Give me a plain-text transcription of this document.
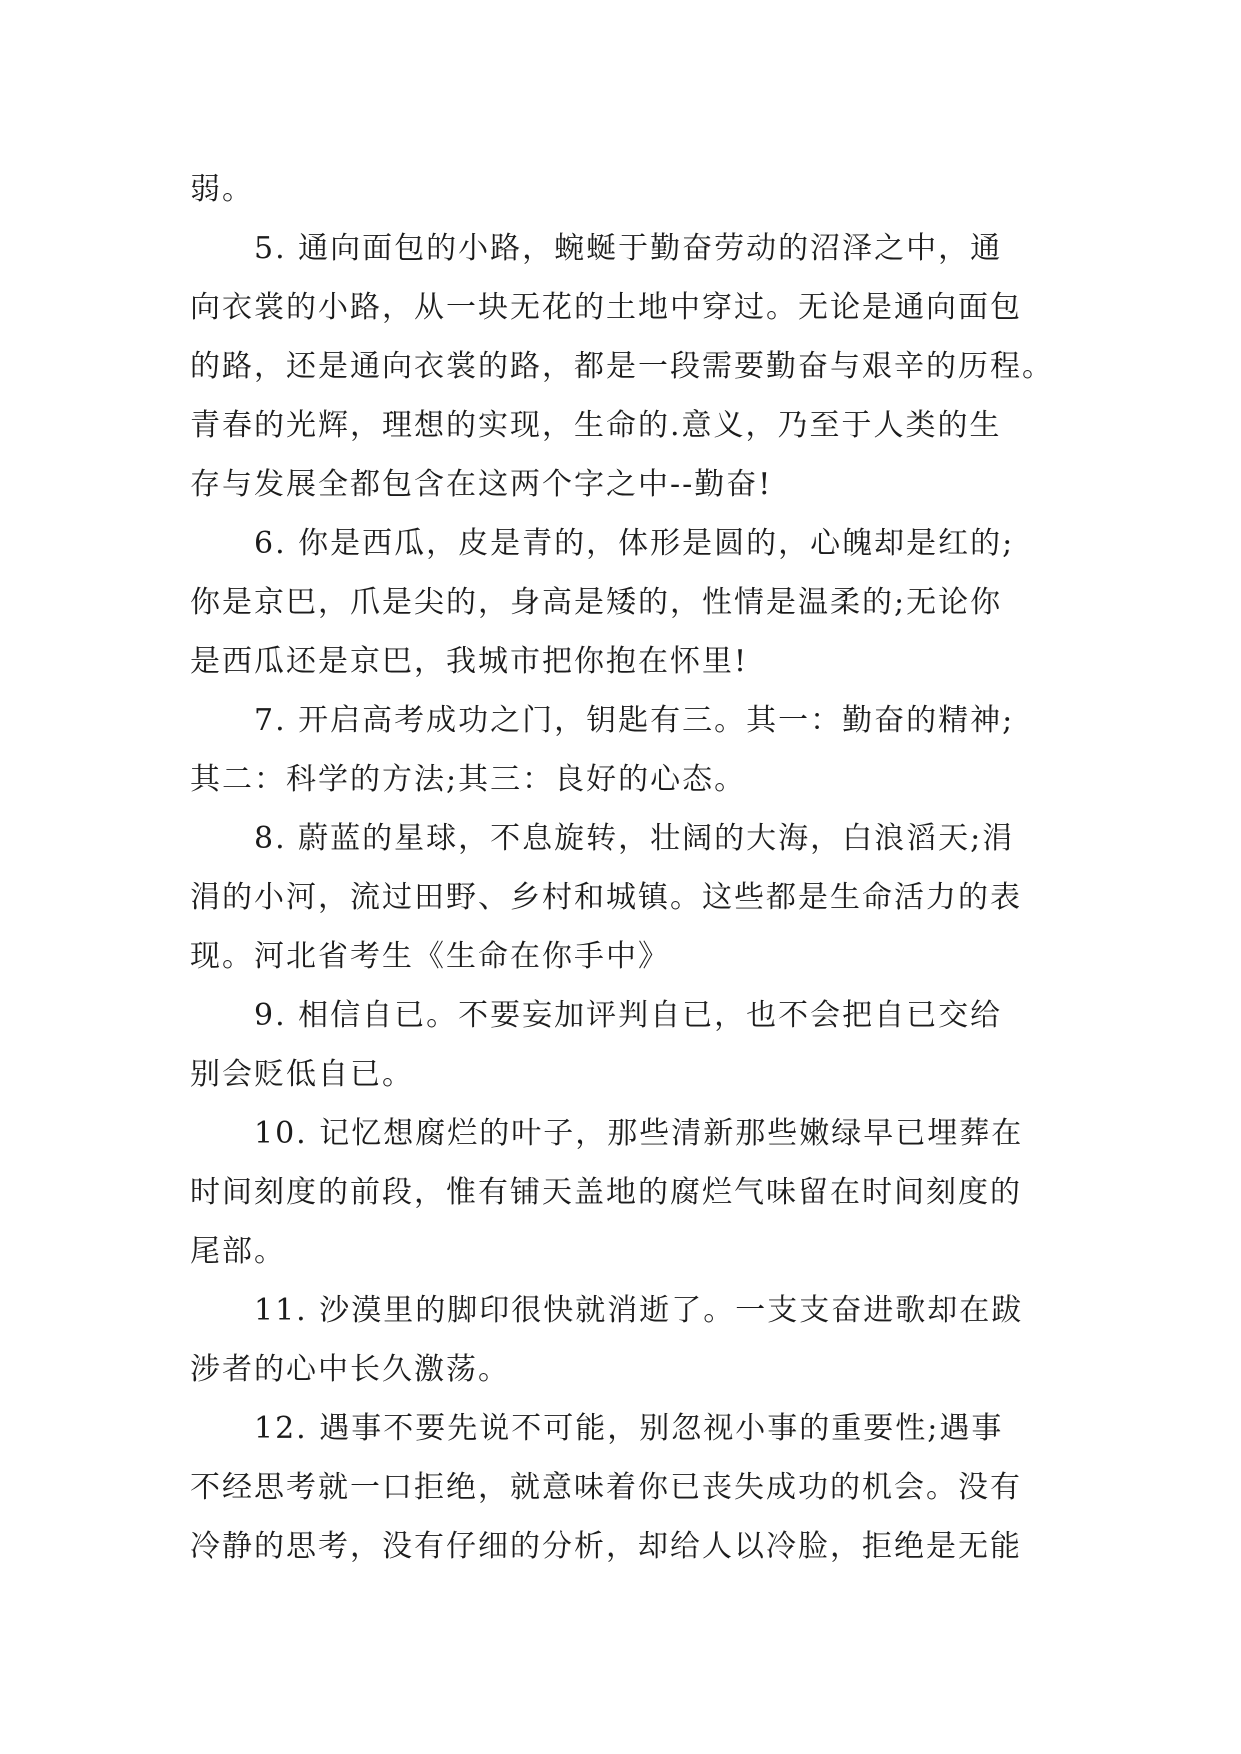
弱。
5. 通向面包的小路，蜿蜒于勤奋劳动的沼泽之中，通
向衣裳的小路，从一块无花的土地中穿过。无论是通向面包
的路，还是通向衣裳的路，都是一段需要勤奋与艰辛的历程。
青春的光辉，理想的实现，生命的.意义，乃至于人类的生
存与发展全都包含在这两个字之中--勤奋!
6. 你是西瓜，皮是青的，体形是圆的，心魄却是红的;
你是京巴，爪是尖的，身高是矮的，性情是温柔的;无论你
是西瓜还是京巴，我城市把你抱在怀里!
7. 开启高考成功之门，钥匙有三。其一：勤奋的精神;
其二：科学的方法;其三：良好的心态。
8. 蔚蓝的星球，不息旋转，壮阔的大海，白浪滔天;涓
涓的小河，流过田野、乡村和城镇。这些都是生命活力的表
现。河北省考生《生命在你手中》
9. 相信自已。不要妄加评判自已，也不会把自已交给
别会贬低自已。
10. 记忆想腐烂的叶子，那些清新那些嫩绿早已埋葬在
时间刻度的前段，惟有铺天盖地的腐烂气味留在时间刻度的
尾部。
11. 沙漠里的脚印很快就消逝了。一支支奋进歌却在跋
涉者的心中长久激荡。
12. 遇事不要先说不可能，别忽视小事的重要性;遇事
不经思考就一口拒绝，就意味着你已丧失成功的机会。没有
冷静的思考，没有仔细的分析，却给人以冷脸，拒绝是无能
